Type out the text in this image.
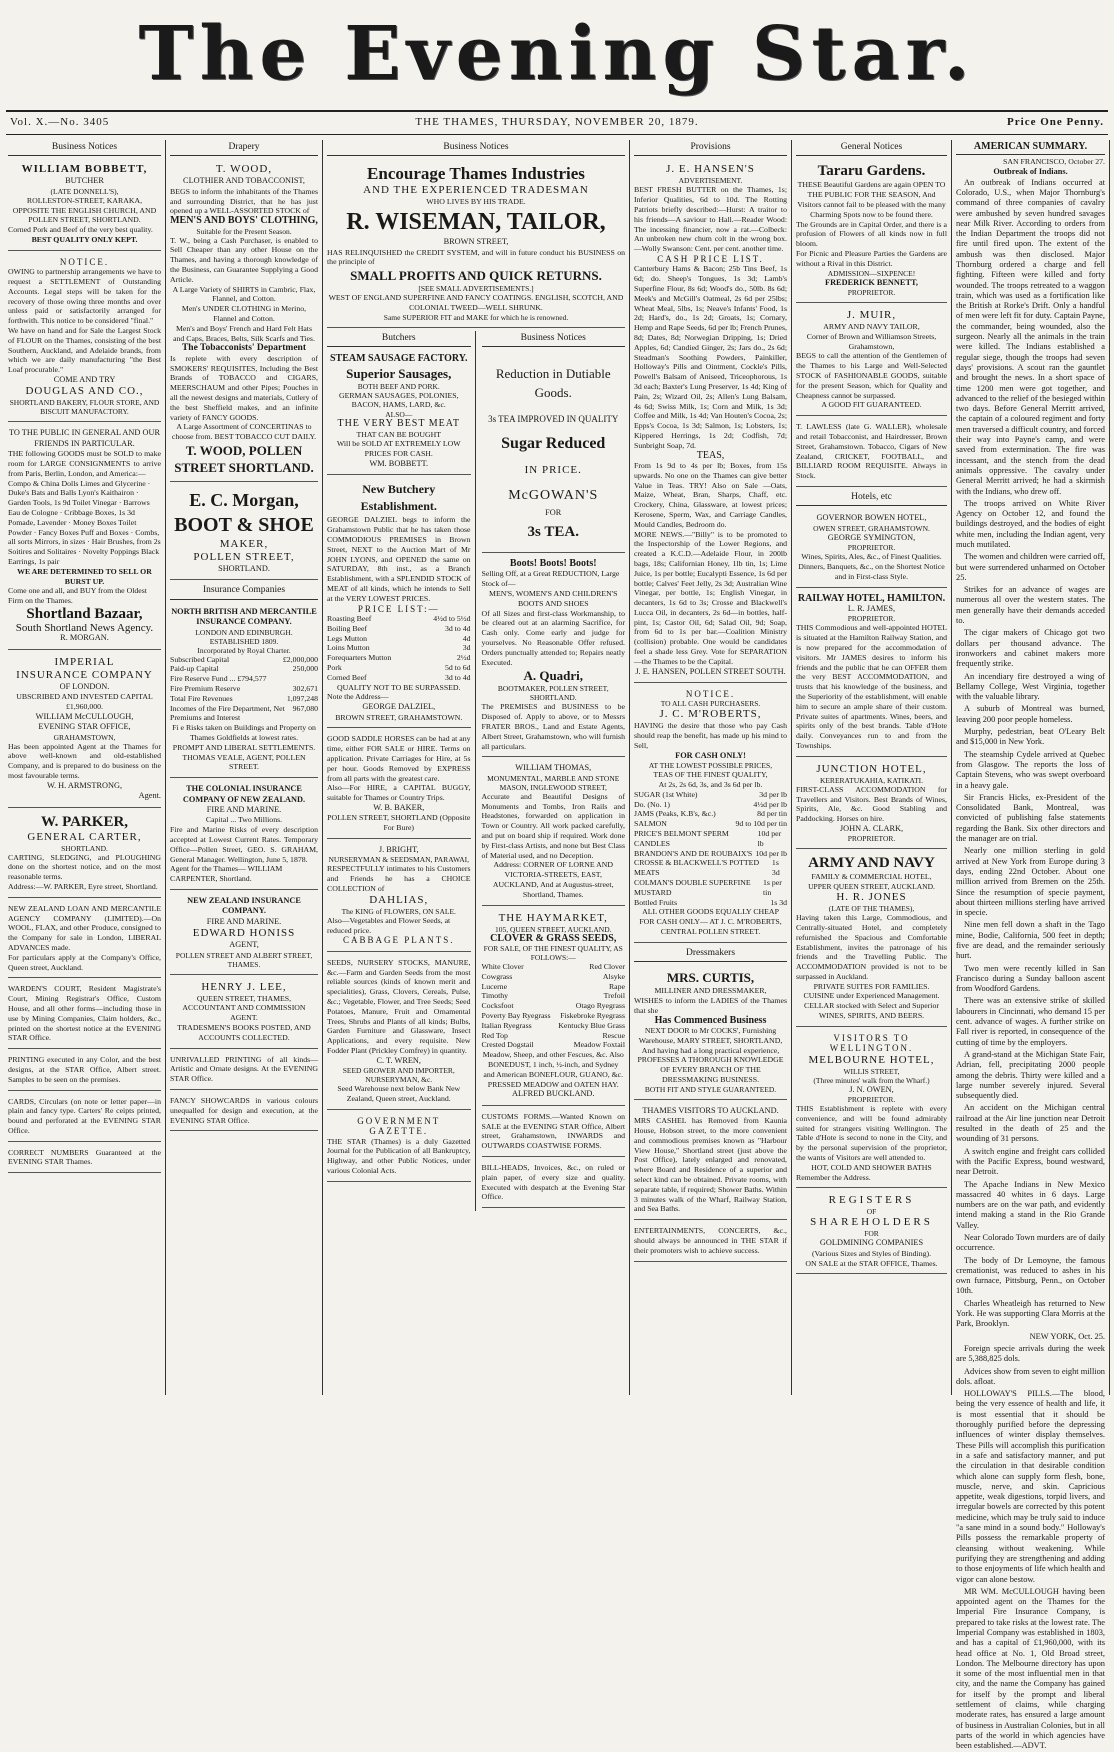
The Evening Star.
Vol. X.—No. 3405	THE THAMES, THURSDAY, NOVEMBER 20, 1879.	Price One Penny.
Business Notices
WILLIAM BOBBETT,
BUTCHER
(LATE DONNELL'S),
ROLLESTON-STREET, KARAKA, OPPOSITE THE ENGLISH CHURCH, AND POLLEN STREET, SHORTLAND.
Corned Pork and Beef of the very best quality.
BEST QUALITY ONLY KEPT.
NOTICE.
OWING to partnership arrangements we have to request a SETTLEMENT of Outstanding Accounts. Legal steps will be taken for the recovery of those owing three months and over unless paid or satisfactorily arranged for forthwith. This notice to be considered "final."
We have on hand and for Sale the Largest Stock of FLOUR on the Thames, consisting of the best Southern, Auckland, and Adelaide brands, from which we are daily manufacturing "the Best Loaf procurable."
COME AND TRY
DOUGLAS AND CO.,
SHORTLAND BAKERY, FLOUR STORE, AND BISCUIT MANUFACTORY.
TO THE PUBLIC IN GENERAL AND OUR FRIENDS IN PARTICULAR.
THE following GOODS must be SOLD to make room for LARGE CONSIGNMENTS to arrive from Paris, Berlin, London, and America:—
Compo & China Dolls Limes and Glycerine · Duke's Bats and Balls Lyon's Kaithairon · Garden Tools, 1s 9d Toilet Vinegar · Barrows Eau de Cologne · Cribbage Boxes, 1s 3d Pomade, Lavender · Money Boxes Toilet Powder · Fancy Boxes Puff and Boxes · Combs, all sorts Mirrors, in sizes · Hair Brushes, from 2s Soitires and Solitaires · Novelty Poppings Black Earrings, 1s pair
WE ARE DETERMINED TO SELL OR BURST UP.
Come one and all, and BUY from the Oldest Firm on the Thames.
Shortland Bazaar,
South Shortland News Agency.
R. MORGAN.
IMPERIAL
INSURANCE COMPANY
OF LONDON.
UBSCRIBED AND INVESTED CAPITAL £1,960,000.
WILLIAM McCULLOUGH,
EVENING STAR OFFICE,
GRAHAMSTOWN,
Has been appointed Agent at the Thames for above well-known and old-established Company, and is prepared to do business on the most favourable terms.
W. H. ARMSTRONG,
Agent.
W. PARKER,
GENERAL CARTER,
SHORTLAND.
CARTING, SLEDGING, and PLOUGHING done on the shortest notice, and on the most reasonable terms.
Address:—W. PARKER, Eyre street, Shortland.
NEW ZEALAND LOAN AND MERCANTILE AGENCY COMPANY (LIMITED).—On WOOL, FLAX, and other Produce, consigned to the Company for sale in London, LIBERAL ADVANCES made.
For particulars apply at the Company's Office, Queen street, Auckland.
WARDEN'S COURT, Resident Magistrate's Court, Mining Registrar's Office, Custom House, and all other forms—including those in use by Mining Companies, Claim holders, &c., printed on the shortest notice at the EVENING STAR Office.
PRINTING executed in any Color, and the best designs, at the STAR Office, Albert street. Samples to be seen on the premises.
CARDS, Circulars (on note or letter paper—in plain and fancy type. Carters' Re ceipts printed, bound and perforated at the EVENING STAR Office.
CORRECT NUMBERS Guaranteed at the EVENING STAR Thames.
Drapery
T. WOOD,
CLOTHIER AND TOBACCONIST,
BEGS to inform the inhabitants of the Thames and surrounding District, that he has just opened up a WELL-ASSORTED STOCK of
MEN'S AND BOYS' CLOTHING,
Suitable for the Present Season.
T. W., being a Cash Purchaser, is enabled to Sell Cheaper than any other House on the Thames, and having a thorough knowledge of the Business, can Guarantee Supplying a Good Article.
A Large Variety of SHIRTS in Cambric, Flax, Flannel, and Cotton.
Men's UNDER CLOTHING in Merino, Flannel and Cotton.
Men's and Boys' French and Hard Felt Hats and Caps, Braces, Belts, Silk Scarfs and Ties.
The Tobacconists' Department
Is replete with every description of SMOKERS' REQUISITES, Including the Best Brands of TOBACCO and CIGARS, MEERSCHAUM and other Pipes; Pouches in all the newest designs and materials, Cutlery of the best Sheffield makes, and an infinite variety of FANCY GOODS.
A Large Assortment of CONCERTINAS to choose from. BEST TOBACCO CUT DAILY.
T. WOOD, POLLEN STREET SHORTLAND.
E. C. Morgan,
BOOT & SHOE
MAKER,
POLLEN STREET,
SHORTLAND.
Insurance Companies
NORTH BRITISH AND MERCANTILE INSURANCE COMPANY.
LONDON AND EDINBURGH.
ESTABLISHED 1809.
Incorporated by Royal Charter.
Subscribed Capital	£2,000,000
Paid-up Capital	250,000
Fire Reserve Fund ... £794,577
Fire Premium Reserve	302,671
Total Fire Revenues	1,097,248
Incomes of the Fire Department, Net Premiums and Interest
967,080
Fi e Risks taken on Buildings and Property on Thames Goldfields at lowest rates.
PROMPT AND LIBERAL SETTLEMENTS.
THOMAS VEALE, AGENT, POLLEN STREET.
THE COLONIAL INSURANCE COMPANY OF NEW ZEALAND.
FIRE AND MARINE.
Capital ... Two Millions.
Fire and Marine Risks of every description accepted at Lowest Current Rates. Temporary Office—Pollen Street, GEO. S. GRAHAM, General Manager. Wellington, June 5, 1878.
Agent for the Thames— WILLIAM CARPENTER, Shortland.
NEW ZEALAND INSURANCE COMPANY.
FIRE AND MARINE.
EDWARD HONISS
AGENT,
POLLEN STREET AND ALBERT STREET, THAMES.
HENRY J. LEE,
QUEEN STREET, THAMES,
ACCOUNTANT AND COMMISSION AGENT.
TRADESMEN'S BOOKS POSTED, AND ACCOUNTS COLLECTED.
UNRIVALLED PRINTING of all kinds—Artistic and Ornate designs. At the EVENING STAR Office.
FANCY SHOWCARDS in various colours unequalled for design and execution, at the EVENING STAR Office.
Business Notices
Encourage Thames Industries
AND THE EXPERIENCED TRADESMAN
WHO LIVES BY HIS TRADE.
R. WISEMAN, TAILOR,
BROWN STREET,
HAS RELINQUISHED the CREDIT SYSTEM, and will in future conduct his BUSINESS on the principle of
SMALL PROFITS AND QUICK RETURNS.
[SEE SMALL ADVERTISEMENTS.]
WEST OF ENGLAND SUPERFINE AND FANCY COATINGS. ENGLISH, SCOTCH, AND COLONIAL TWEED—WELL SHRUNK.
Same SUPERIOR FIT and MAKE for which he is renowned.
Butchers
STEAM SAUSAGE FACTORY.
Superior Sausages,
BOTH BEEF AND PORK.
GERMAN SAUSAGES, POLONIES, BACON, HAMS, LARD, &c.
ALSO—
THE VERY BEST MEAT
THAT CAN BE BOUGHT
Will be SOLD AT EXTREMELY LOW PRICES FOR CASH.
WM. BOBBETT.
New Butchery Establishment.
GEORGE DALZIEL begs to inform the Grahamstown Public that he has taken those COMMODIOUS PREMISES in Brown Street, NEXT to the Auction Mart of Mr JOHN LYONS, and OPENED the same on SATURDAY, 8th inst., as a Branch Establishment, with a SPLENDID STOCK of MEAT of all kinds, which he intends to Sell at the VERY LOWEST PRICES.
PRICE LIST:—
Roasting Beef	4½d to 5½d
Boiling Beef	3d to 4d
Legs Mutton	4d
Loins Mutton	3d
Forequarters Mutton	2½d
Pork	5d to 6d
Corned Beef	3d to 4d
QUALITY NOT TO BE SURPASSED.
Note the Address—
GEORGE DALZIEL,
BROWN STREET, GRAHAMSTOWN.
GOOD SADDLE HORSES can be had at any time, either FOR SALE or HIRE. Terms on application. Private Carriages for Hire, at 5s per hour. Goods Removed by EXPRESS from all parts with the greatest care.
Also—For HIRE, a CAPITAL BUGGY, suitable for Thames or Country Trips.
W. B. BAKER,
POLLEN STREET, SHORTLAND (Opposite For Bure)
J. BRIGHT,
NURSERYMAN & SEEDSMAN, PARAWAI,
RESPECTFULLY intimates to his Customers and Friends he has a CHOICE COLLECTION of
DAHLIAS,
The KING of FLOWERS, ON SALE.
Also—Vegetables and Flower Seeds, at reduced price.
CABBAGE PLANTS.
SEEDS, NURSERY STOCKS, MANURE, &c.—Farm and Garden Seeds from the most reliable sources (kinds of known merit and specialities), Grass, Clovers, Cereals, Pulse, &c.; Vegetable, Flower, and Tree Seeds; Seed Potatoes, Manure, Fruit and Ornamental Trees, Shrubs and Plants of all kinds; Bulbs, Garden Furniture and Glassware, Insect Applications, and every requisite. New Fodder Plant (Prickley Comfrey) in quantity.
C. T. WREN,
SEED GROWER AND IMPORTER, NURSERYMAN, &c.
Seed Warehouse next below Bank New Zealand, Queen street, Auckland.
GOVERNMENT GAZETTE.
THE STAR (Thames) is a duly Gazetted Journal for the Publication of all Bankruptcy, Highway, and other Public Notices, under various Colonial Acts.
Business Notices
Reduction in Dutiable Goods.
3s TEA IMPROVED IN QUALITY
Sugar Reduced
IN PRICE.
McGOWAN'S
FOR
3s TEA.
Boots! Boots! Boots!
Selling Off, at a Great REDUCTION, Large Stock of—
MEN'S, WOMEN'S AND CHILDREN'S BOOTS AND SHOES
Of all Sizes and first-class Workmanship, to be cleared out at an alarming Sacrifice, for Cash only. Come early and judge for yourselves. No Reasonable Offer refused. Orders punctually attended to; Repairs neatly Executed.
A. Quadri,
BOOTMAKER, POLLEN STREET, SHORTLAND.
The PREMISES and BUSINESS to be Disposed of. Apply to above, or to Messrs FRATER BROS., Land and Estate Agents, Albert Street, Grahamstown, who will furnish all particulars.
WILLIAM THOMAS,
MONUMENTAL, MARBLE AND STONE MASON, INGLEWOOD STREET,
Accurate and Beautiful Designs of Monuments and Tombs, Iron Rails and Headstones, forwarded on application in Town or Country. All work packed carefully, and put on board ship if required. Work done by First-class Artists, and none but Best Class of Material used, and no Deception.
Address: CORNER OF LORNE AND VICTORIA-STREETS, EAST, AUCKLAND, And at Augustus-street, Shortland, Thames.
THE HAYMARKET,
105, QUEEN STREET, AUCKLAND.
CLOVER & GRASS SEEDS,
FOR SALE, OF THE FINEST QUALITY, AS FOLLOWS:—
White Clover	Red Clover
Cowgrass	Alsyke
Lucerne	Rape
Timothy	Trefoil
Cocksfoot	Otago Ryegrass
Poverty Bay Ryegrass Fiskebroke Ryegrass
Italian Ryegrass	Kentucky Blue Grass
Red Top	Rescue
Crested Dogstail	Meadow Foxtail
Meadow, Sheep, and other Fescues, &c. Also BONEDUST, 1 inch, ½-inch, and Sydney and American BONEFLOUR, GUANO, &c. PRESSED MEADOW and OATEN HAY.
ALFRED BUCKLAND.
CUSTOMS FORMS.—Wanted Known on SALE at the EVENING STAR Office, Albert street, Grahamstown, INWARDS and OUTWARDS COASTWISE FORMS.
BILL-HEADS, Invoices, &c., on ruled or plain paper, of every size and quality. Executed with despatch at the Evening Star Office.
Provisions
J. E. HANSEN'S
ADVERTISEMENT.
BEST FRESH BUTTER on the Thames, 1s; Inferior Qualities, 6d to 10d. The Rotting Patriots briefly described:—Hurst: A traitor to his friends—A saviour to Hall.—Reader Wood: The incessing financier, now a rat.—Colbeck: An unbroken new chum colt in the wrong box.—Wolly Swanson: Cent. per cent. another time.
CASH PRICE LIST.
Canterbury Hams & Bacon; 25b Tins Beef, 1s 6d; do. Sheep's Tongues, 1s 3d; Lamb's Superfine Flour, 8s 6d; Wood's do., 50lb. 8s 6d; Meek's and McGill's Oatmeal, 2s 6d per 25lbs; Wheat Meal, 5lbs, 1s; Neave's Infants' Food, 1s 2d; Hard's, do., 1s 2d; Groats, 1s; Cornary, Hemp and Rape Seeds, 6d per lb; French Prunes, 8d; Dates, 8d; Norwegian Dripping, 1s; Dried Apples, 6d; Candied Ginger, 2s; Jars do., 2s 6d; Steadman's Soothing Powders, Painkiller, Holloway's Pills and Ointment, Cockle's Pills, Powell's Balsam of Aniseed, Triceophorous, 1s 3d each; Baxter's Lung Preserver, 1s 4d; King of Pain, 2s; Wizard Oil, 2s; Allen's Lung Balsam, 4s 6d; Swiss Milk, 1s; Corn and Milk, 1s 3d; Coffee and Milk, 1s 4d; Van Houten's Cocoa, 2s; Epps's Cocoa, 1s 3d; Salmon, 1s; Lobsters, 1s; Kippered Herrings, 1s 2d; Codfish, 7d; Sunbright Soap, 7d.
TEAS,
From 1s 9d to 4s per lb; Boxes, from 15s upwards. No one on the Thames can give better Value in Teas. TRY! Also on Sale —Oats, Maize, Wheat, Bran, Sharps, Chaff, etc. Crockery, China, Glassware, at lowest prices; Kerosene, Sperm, Wax, and Carriage Candles, Mould Candles, Bedroom do.
MORE NEWS.—"Billy" is to be promoted to the Inspectorship of the Lower Regions, and created a K.C.D.—Adelaide Flour, in 200lb bags, 18s; Californian Honey, 1lb tin, 1s; Lime Juice, 1s per bottle; Eucalypti Essence, 1s 6d per bottle; Calves' Feet Jelly, 2s 3d; Australian Wine Vinegar, per bottle, 1s; English Vinegar, in decanters, 1s 6d to 3s; Crosse and Blackwell's Lucca Oil, in decanters, 2s 6d—in bottles, half-pint, 1s; Castor Oil, 6d; Salad Oil, 9d; Soap, from 6d to 1s per bar.—Coalition Ministry (collision) probable. One would be candidates feel a shade less Grey. Vote for SEPARATION—the Thames to be the Capital.
J. E. HANSEN, POLLEN STREET SOUTH.
NOTICE.
TO ALL CASH PURCHASERS.
J. C. M'ROBERTS,
HAVING the desire that those who pay Cash should reap the benefit, has made up his mind to Sell,
FOR CASH ONLY!
AT THE LOWEST POSSIBLE PRICES,
TEAS OF THE FINEST QUALITY,
At 2s, 2s 6d, 3s, and 3s 6d per lb.
SUGAR (1st White)	3d per lb
Do. (No. 1)	4½d per lb
JAMS (Peaks, K.B's, &c.)	8d per tin
SALMON	9d to 10d per tin
PRICE'S BELMONT SPERM CANDLES
10d per lb
BRANDON'S AND DE ROUBAIX'S 10d per lb
CROSSE & BLACKWELL'S POTTED MEATS
1s 3d
COLMAN'S DOUBLE SUPERFINE MUSTARD
1s per tin
Bottled Fruits	1s 3d
ALL OTHER GOODS EQUALLY CHEAP FOR CASH ONLY— AT J. C. M'ROBERTS, CENTRAL POLLEN STREET.
Dressmakers
MRS. CURTIS,
MILLINER AND DRESSMAKER,
WISHES to inform the LADIES of the Thames that she
Has Commenced Business
NEXT DOOR to Mr COCKS', Furnishing Warehouse, MARY STREET, SHORTLAND, And having had a long practical experience, PROFESSES A THOROUGH KNOWLEDGE OF EVERY BRANCH OF THE DRESSMAKING BUSINESS.
BOTH FIT AND STYLE GUARANTEED.
THAMES VISITORS TO AUCKLAND.
MRS CASHEL has Removed from Kaunia House, Hobson street, to the more convenient and commodious premises known as "Harbour View House," Shortland street (just above the Post Office), lately enlarged and renovated, where Board and Residence of a superior and select kind can be obtained. Private rooms, with separate table, if required; Shower Baths. Within 3 minutes walk of the Wharf, Railway Station, and Sea Baths.
ENTERTAINMENTS, CONCERTS, &c., should always be announced in THE STAR if their promoters wish to achieve success.
General Notices
Tararu Gardens.
THESE Beautiful Gardens are again OPEN TO THE PUBLIC FOR THE SEASON, And Visitors cannot fail to be pleased with the many Charming Spots now to be found there.
The Grounds are in Capital Order, and there is a profusion of Flowers of all kinds now in full bloom.
For Picnic and Pleasure Parties the Gardens are without a Rival in this District.
ADMISSION—SIXPENCE!
FREDERICK BENNETT,
PROPRIETOR.
J. MUIR,
ARMY AND NAVY TAILOR,
Corner of Brown and Williamson Streets, Grahamstown,
BEGS to call the attention of the Gentlemen of the Thames to his Large and Well-Selected STOCK of FASHIONABLE GOODS, suitable for the present Season, which for Quality and Cheapness cannot be surpassed.
A GOOD FIT GUARANTEED.
T. LAWLESS (late G. WALLER), wholesale and retail Tobacconist, and Hairdresser, Brown Street, Grahamstown. Tobacco, Cigars of New Zealand, CRICKET, FOOTBALL, and BILLIARD ROOM REQUISITE. Always in Stock.
Hotels, etc
GOVERNOR BOWEN HOTEL,
OWEN STREET, GRAHAMSTOWN.
GEORGE SYMINGTON,
PROPRIETOR.
Wines, Spirits, Ales, &c., of Finest Qualities.
Dinners, Banquets, &c., on the Shortest Notice and in First-class Style.
RAILWAY HOTEL, HAMILTON.
L. R. JAMES,
PROPRIETOR.
THIS Commodious and well-appointed HOTEL is situated at the Hamilton Railway Station, and is now prepared for the accommodation of visitors. Mr JAMES desires to inform his friends and the public that he can OFFER them the very BEST ACCOMMODATION, and trusts that his knowledge of the business, and the Superiority of the establishment, will enable him to secure an ample share of their custom. Private suites of apartments. Wines, beers, and spirits only of the best brands. Table d'Hote daily. Conveyances run to and from the Townships.
JUNCTION HOTEL,
KERERATUKAHIA, KATIKATI.
FIRST-CLASS ACCOMMODATION for Travellers and Visitors. Best Brands of Wines, Spirits, Ale, &c. Good Stabling and Paddocking. Horses on hire.
JOHN A. CLARK,
PROPRIETOR.
ARMY AND NAVY
FAMILY & COMMERCIAL HOTEL,
UPPER QUEEN STREET, AUCKLAND.
H. R. JONES
(LATE OF THE THAMES),
Having taken this Large, Commodious, and Centrally-situated Hotel, and completely refurnished the Spacious and Comfortable Establishment, invites the patronage of his friends and the Travelling Public. The ACCOMMODATION provided is not to be surpassed in Auckland.
PRIVATE SUITES FOR FAMILIES.
CUISINE under Experienced Management.
CELLAR stocked with Select and Superior WINES, SPIRITS, AND BEERS.
VISITORS TO WELLINGTON.
MELBOURNE HOTEL,
WILLIS STREET,
(Three minutes' walk from the Wharf.)
J. N. OWEN,
PROPRIETOR.
THIS Establishment is replete with every convenience, and will be found admirably suited for strangers visiting Wellington. The Table d'Hote is second to none in the City, and by the personal supervision of the proprietor, the wants of Visitors are well attended to.
HOT, COLD AND SHOWER BATHS
Remember the Address.
REGISTERS
OF
SHAREHOLDERS
FOR
GOLDMINING COMPANIES
(Various Sizes and Styles of Binding).
ON SALE at the STAR OFFICE, Thames.
AMERICAN SUMMARY.
SAN FRANCISCO, October 27.
Outbreak of Indians.

An outbreak of Indians occurred at Colorado, U.S., when Major Thornburg's command of three companies of cavalry were ambushed by seven hundred savages near Milk River. According to orders from the Indian Department the troops did not fire until fired upon. The extent of the ambush was then disclosed. Major Thornburg ordered a charge and fell fighting. Fifteen were killed and forty wounded. The troops retreated to a waggon train, which was used as a fortification like the British at Rorke's Drift. Only a handful of men were left fit for duty. Captain Payne, the commander, being wounded, also the surgeon. Nearly all the animals in the train were killed. The Indians established a regular siege, though the troops had seven days' provisions. A scout ran the gauntlet and brought the news. In a short space of time 1200 men were got together, and advanced to the relief of the besieged within two days. Before General Merritt arrived, the captain of a coloured regiment and forty men traversed a difficult country, and forced their way into Payne's camp, and were saved from extermination. The fire was incessant, and the stench from the dead animals oppressive. The cavalry under General Merritt arrived; he had a skirmish with the Indians, who drew off.

The troops arrived on White River Agency on October 12, and found the buildings destroyed, and the bodies of eight white men, including the Indian agent, very much mutilated.

The women and children were carried off, but were surrendered unharmed on October 25.

Strikes for an advance of wages are numerous all over the western states. The men generally have their demands acceded to.

The cigar makers of Chicago got two dollars per thousand advance. The ironworkers and cabinet makers more frequently strike.

An incendiary fire destroyed a wing of Bellamy College, West Virginia, together with the valuable library.

A suburb of Montreal was burned, leaving 200 poor people homeless.

Murphy, pedestrian, beat O'Leary Belt and $15,000 in New York.

The steamship Cydele arrived at Quebec from Glasgow. The reports the loss of Captain Stevens, who was swept overboard in a heavy gale.

Sir Francis Hicks, ex-President of the Consolidated Bank, Montreal, was convicted of publishing false statements regarding the Bank. Six other directors and the manager are on trial.

Nearly one million sterling in gold arrived at New York from Europe during 3 days, ending 22nd October. About one million arrived from Bremen on the 25th. Since the resumption of specie payment, about thirteen millions sterling have arrived in specie.

Nine men fell down a shaft in the Tago mine, Bodie, California, 500 feet in depth; five are dead, and the remainder seriously hurt.

Two men were recently killed in San Francisco during a Sunday balloon ascent from Woodford Gardens.

There was an extensive strike of skilled labourers in Cincinnati, who demand 15 per cent. advance of wages. A further strike on Fall river is reported, in consequence of the cutting of time by the employers.

A grand-stand at the Michigan State Fair, Adrian, fell, precipitating 2000 people among the debris. Thirty were killed and a large number severely injured. Several subsequently died.

An accident on the Michigan central railroad at the Air line junction near Detroit resulted in the death of 25 and the wounding of 31 persons.

A switch engine and freight cars collided with the Pacific Express, bound westward, near Detroit.

The Apache Indians in New Mexico massacred 40 whites in 6 days. Large numbers are on the war path, and evidently intend making a stand in the Rio Grande Valley.

Near Colorado Town murders are of daily occurrence.

The body of Dr Lemoyne, the famous cremationist, was reduced to ashes in his own furnace, Pittsburg, Penn., on October 10th.

Charles Wheatleigh has returned to New York. He was supporting Clara Morris at the Park, Brooklyn.

NEW YORK, Oct. 25.

Foreign specie arrivals during the week are 5,388,825 dols.

Advices show from seven to eight million dols. afloat.

HOLLOWAY'S PILLS.—The blood, being the very essence of health and life, it is most essential that it should be thoroughly purified before the depressing influences of winter display themselves. These Pills will accomplish this purification in a safe and satisfactory manner, and put the circulation in that desirable condition which alone can supply form flesh, bone, muscle, nerve, and skin. Capricious appetite, weak digestions, torpid livers, and irregular bowels are corrected by this potent medicine, which may be truly said to induce "a sane mind in a sound body." Holloway's Pills possess the remarkable property of cleansing without weakening. While purifying they are strengthening and adding to those enjoyments of life which health and vigor can alone bestow.

MR WM. McCULLOUGH having been appointed agent on the Thames for the Imperial Fire Insurance Company, is prepared to take risks at the lowest rate. The Imperial Company was established in 1803, and has a capital of £1,960,000, with its head office at No. 1, Old Broad street, London. The Melbourne directory has upon it some of the most influential men in that city, and the name the Company has gained for itself by the prompt and liberal settlement of claims, while charging moderate rates, has ensured a large amount of business in Australian Colonies, but in all parts of the world in which agencies have been established.—ADVT.
